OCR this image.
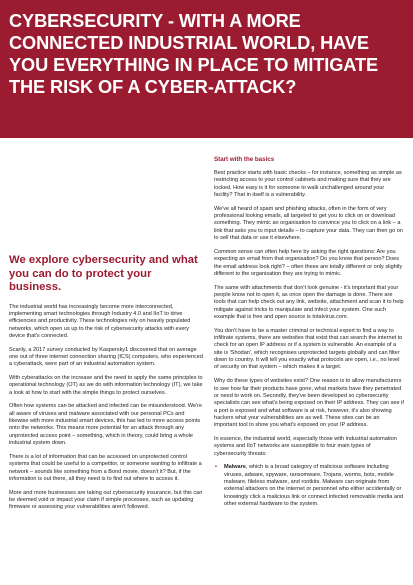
CYBERSECURITY - WITH A MORE CONNECTED INDUSTRIAL WORLD, HAVE YOU EVERYTHING IN PLACE TO MITIGATE THE RISK OF A CYBER-ATTACK?
We explore cybersecurity and what you can do to protect your business.

The industrial world has increasingly become more interconnected, implementing smart technologies through Industry 4.0 and IIoT to drive efficiencies and productivity. These technologies rely on heavily populated networks, which open us up to the risk of cybersecurity attacks with every device that's connected.

Scarily, a 2017 survey conducted by Kaspersky1 discovered that on average one out of three internet connection sharing (ICS) computers, who experienced a cyberattack, were part of an industrial automation system.

With cyberattacks on the increase and the need to apply the same principles to operational technology (OT) as we do with information technology (IT), we take a look at how to start with the simple things to protect ourselves.

Often how systems can be attacked and infected can be misunderstood. We're all aware of viruses and malware associated with our personal PCs and likewise with more industrial smart devices, this has led to more access points onto the networks. This means more potential for an attack through any unprotected access point – something, which in theory, could bring a whole industrial system down.

There is a lot of information that can be accessed on unprotected control systems that could be useful to a competitor, or someone wanting to infiltrate a network – sounds like something from a Bond movie, doesn't it? But, if the information is out there, all they need is to find out where to access it.

More and more businesses are taking out cybersecurity insurance, but this can be deemed void or impact your claim if simple processes, such as updating firmware or assessing your vulnerabilities aren't followed.

Start with the basics

Best practice starts with basic checks – for instance, something as simple as restricting access to your control cabinets and making sure that they are locked. How easy is it for someone to walk unchallenged around your facility? That in itself is a vulnerability.

We've all heard of spam and phishing attacks, often in the form of very professional looking emails, all targeted to get you to click on or download something. They mimic an organisation to convince you to click on a link – a link that asks you to input details – to capture your data. They can then go on to sell that data or use it elsewhere.

Common sense can often help here by asking the right questions: Are you expecting an email from that organisation? Do you know that person? Does the email address look right? – often these are totally different or only slightly different to the organisation they are trying to mimic.

The same with attachments that don't look genuine - it's important that your people know not to open it, as once open the damage is done. There are tools that can help check out any link, website, attachment and scan it to help mitigate against tricks to manipulate and infect your system. One such example that is free and open source is totalvirus.com.

You don't have to be a master criminal or technical expert to find a way to infiltrate systems, there are websites that exist that can search the internet to check for an open IP address or if a system is vulnerable. An example of a site is 'Shodan', which recognises unprotected targets globally and can filter down to country. It will tell you exactly what protocols are open, i.e., no level of security on that system – which makes it a target.

Why do these types of websites exist? One reason is to allow manufacturers to see how far their products have gone, what markets have they penetrated or need to work on. Secondly, they've been developed so cybersecurity specialists can see what's being exposed on their IP address. They can see if a port is exposed and what software is at risk, however, it's also showing hackers what your vulnerabilities are as well. These sites can be an important tool to show you what's exposed on your IP address.

In essence, the industrial world, especially those with industrial automation systems and IIoT networks are susceptible to four main types of cybersecurity threats:

• Malware, which is a broad category of malicious software including viruses, adware, spyware, ransomware, Trojans, worms, bots, mobile malware, fileless malware, and rootkits. Malware can originate from external attackers on the internet or personnel who either accidentally or knowingly click a malicious link or connect infected removable media and other external hardware to the system.
